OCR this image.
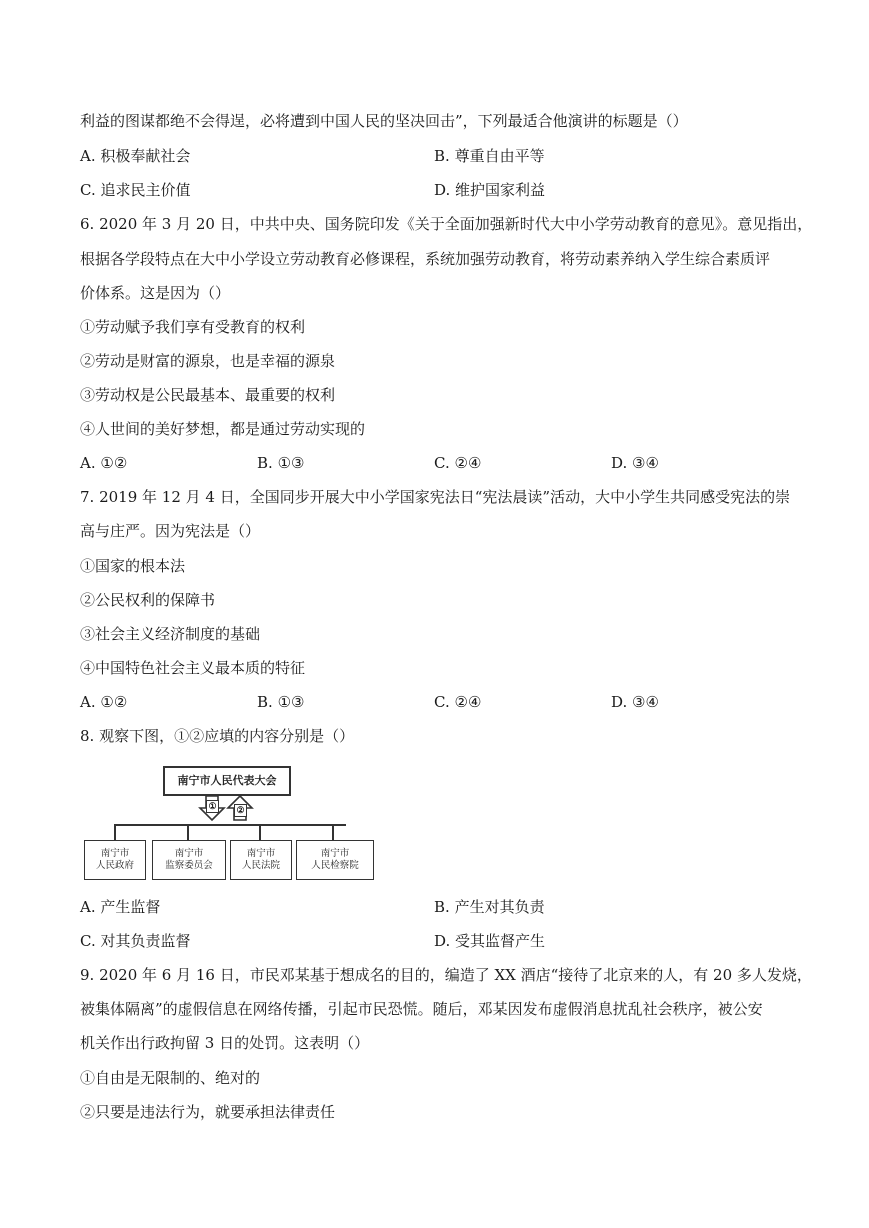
利益的图谋都绝不会得逞，必将遭到中国人民的坚决回击”，下列最适合他演讲的标题是（）
A. 积极奉献社会	B. 尊重自由平等
C. 追求民主价值	D. 维护国家利益
6. 2020 年 3 月 20 日，中共中央、国务院印发《关于全面加强新时代大中小学劳动教育的意见》。意见指出，
根据各学段特点在大中小学设立劳动教育必修课程，系统加强劳动教育，将劳动素养纳入学生综合素质评
价体系。这是因为（）
①劳动赋予我们享有受教育的权利
②劳动是财富的源泉，也是幸福的源泉
③劳动权是公民最基本、最重要的权利
④人世间的美好梦想，都是通过劳动实现的
A. ①②	B. ①③	C. ②④	D. ③④
7. 2019 年 12 月 4 日，全国同步开展大中小学国家宪法日“宪法晨读”活动，大中小学生共同感受宪法的崇
高与庄严。因为宪法是（）
①国家的根本法
②公民权利的保障书
③社会主义经济制度的基础
④中国特色社会主义最本质的特征
A. ①②	B. ①③	C. ②④	D. ③④
8. 观察下图，①②应填的内容分别是（）
南宁市人民代表大会
① ②
南宁市
人民政府
南宁市
监察委员会
南宁市
人民法院
南宁市
人民检察院
A. 产生监督	B. 产生对其负责
C. 对其负责监督	D. 受其监督产生
9. 2020 年 6 月 16 日，市民邓某基于想成名的目的，编造了 XX 酒店“接待了北京来的人，有 20 多人发烧，
被集体隔离”的虚假信息在网络传播，引起市民恐慌。随后，邓某因发布虚假消息扰乱社会秩序，被公安
机关作出行政拘留 3 日的处罚。这表明（）
①自由是无限制的、绝对的
②只要是违法行为，就要承担法律责任
